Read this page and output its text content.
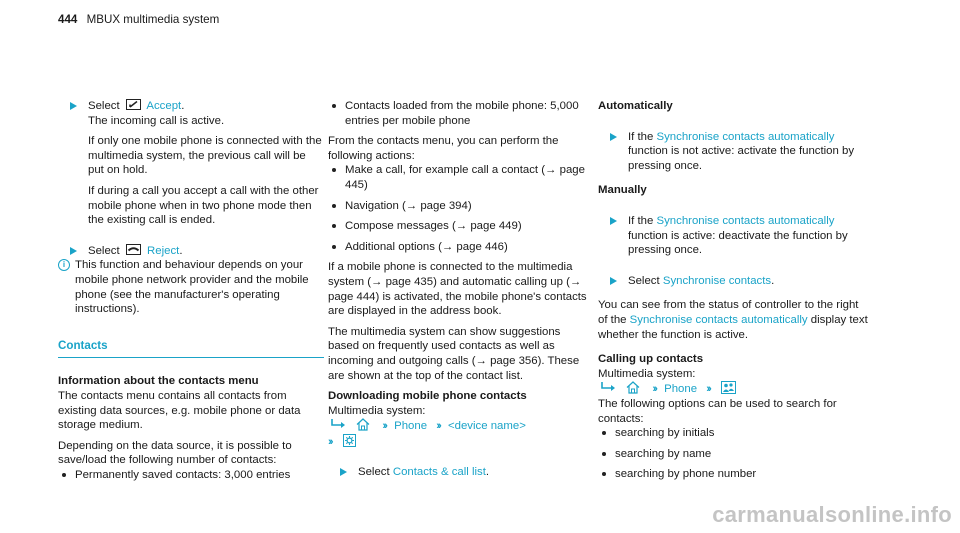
444 MBUX multimedia system

Select Accept.

The incoming call is active.

If only one mobile phone is connected with the multimedia system, the previous call will be put on hold.

If during a call you accept a call with the other mobile phone when in two phone mode then the existing call is ended.

Select Reject.

i This function and behaviour depends on your mobile phone network provider and the mobile phone (see the manufacturer's operating instructions).

Contacts

Information about the contacts menu

The contacts menu contains all contacts from existing data sources, e.g. mobile phone or data storage medium.

Depending on the data source, it is possible to save/load the following number of contacts:

Permanently saved contacts: 3,000 entries

Contacts loaded from the mobile phone: 5,000 entries per mobile phone

From the contacts menu, you can perform the following actions:

Make a call, for example call a contact (→ page 445)

Navigation (→ page 394)

Compose messages (→ page 449)

Additional options (→ page 446)

If a mobile phone is connected to the multimedia system (→ page 435) and automatic calling up (→ page 444) is activated, the mobile phone's contacts are displayed in the address book.

The multimedia system can show suggestions based on frequently used contacts as well as incoming and outgoing calls (→ page 356). These are shown at the top of the contact list.

Downloading mobile phone contacts

Multimedia system:

›› Phone ›› <device name>

››

Select Contacts & call list.

Automatically

If the Synchronise contacts automatically function is not active: activate the function by pressing once.

Manually

If the Synchronise contacts automatically function is active: deactivate the function by pressing once.

Select Synchronise contacts.

You can see from the status of controller to the right of the Synchronise contacts automatically display text whether the function is active.

Calling up contacts

Multimedia system:

›› Phone ››

The following options can be used to search for contacts:

searching by initials

searching by name

searching by phone number

carmanualsonline.info
